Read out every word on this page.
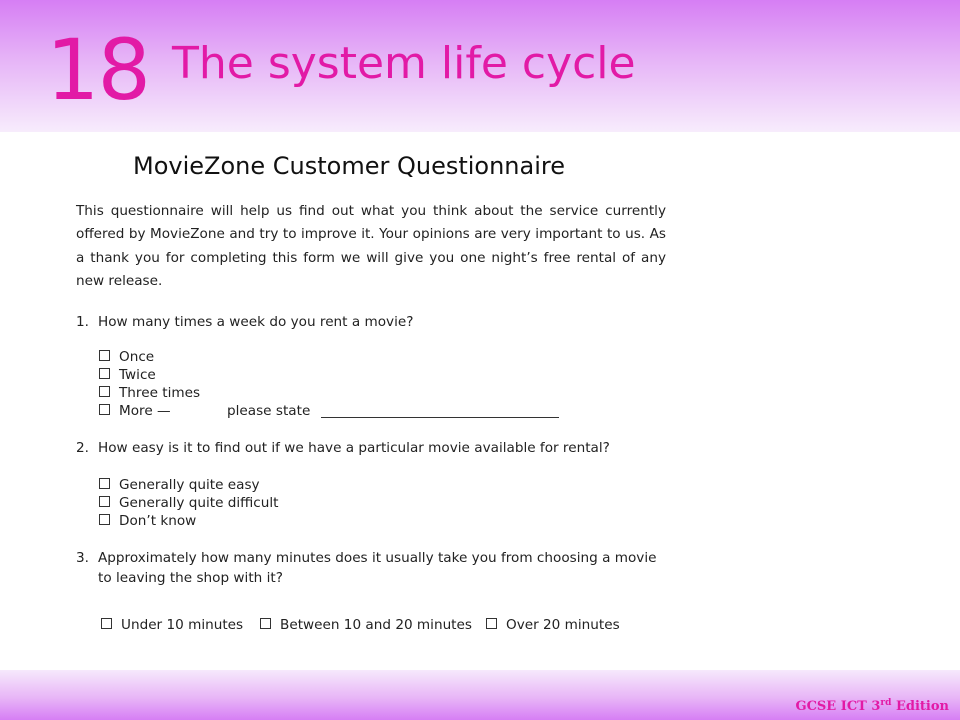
18 The system life cycle
MovieZone Customer Questionnaire
This questionnaire will help us find out what you think about the service currently offered by MovieZone and try to improve it. Your opinions are very important to us. As a thank you for completing this form we will give you one night’s free rental of any new release.
1. How many times a week do you rent a movie?
Once
Twice
Three times
More —	please state
2. How easy is it to find out if we have a particular movie available for rental?
Generally quite easy
Generally quite difficult
Don’t know
3. Approximately how many minutes does it usually take you from choosing a movie to leaving the shop with it?
Under 10 minutes	Between 10 and 20 minutes	Over 20 minutes
GCSE ICT 3rd Edition
